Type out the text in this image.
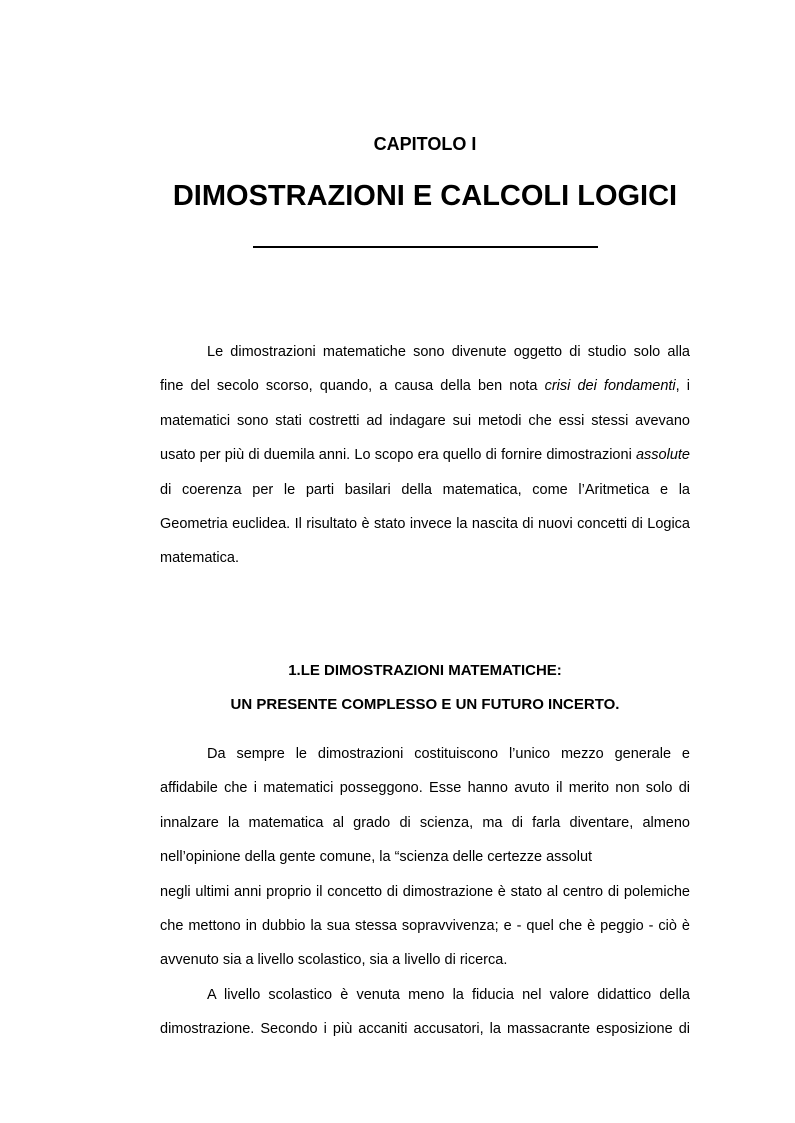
CAPITOLO I
DIMOSTRAZIONI E CALCOLI LOGICI
Le dimostrazioni matematiche sono divenute oggetto di studio solo alla
fine del secolo scorso, quando, a causa della ben nota crisi dei fondamenti, i
matematici sono stati costretti ad indagare sui metodi che essi stessi avevano
usato per più di duemila anni. Lo scopo era quello di fornire dimostrazioni assolute
di coerenza per le parti basilari della matematica, come l’Aritmetica e la
Geometria euclidea. Il risultato è stato invece la nascita di nuovi concetti di Logica
matematica.
1.LE DIMOSTRAZIONI MATEMATICHE:
UN PRESENTE COMPLESSO E UN FUTURO INCERTO.
Da sempre le dimostrazioni costituiscono l’unico mezzo generale e
affidabile che i matematici posseggono. Esse hanno avuto il merito non solo di
innalzare la matematica al grado di scienza, ma di farla diventare, almeno
nell’opinione della gente comune, la “scienza delle certezze assolut
negli ultimi anni proprio il concetto di dimostrazione è stato al centro di polemiche
che mettono in dubbio la sua stessa sopravvivenza; e - quel che è peggio - ciò è
avvenuto sia a livello scolastico, sia a livello di ricerca.
A livello scolastico è venuta meno la fiducia nel valore didattico della
dimostrazione. Secondo i più accaniti accusatori, la massacrante esposizione di
